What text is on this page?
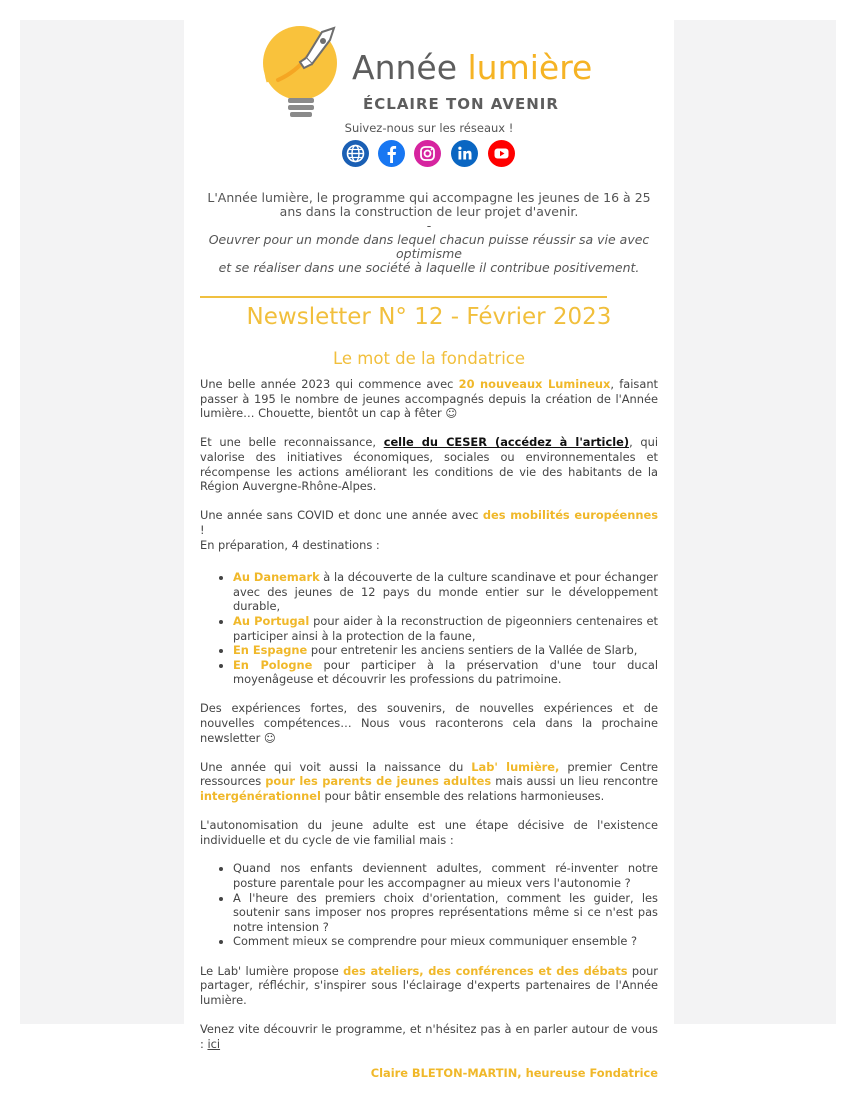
Année lumière
ÉCLAIRE TON AVENIR
Suivez-nous sur les réseaux !
L'Année lumière, le programme qui accompagne les jeunes de 16 à 25 ans dans la construction de leur projet d'avenir.
-
Oeuvrer pour un monde dans lequel chacun puisse réussir sa vie avec optimisme
et se réaliser dans une société à laquelle il contribue positivement.
Newsletter N° 12 - Février 2023
Le mot de la fondatrice

Une belle année 2023 qui commence avec 20 nouveaux Lumineux, faisant passer à 195 le nombre de jeunes accompagnés depuis la création de l'Année lumière… Chouette, bientôt un cap à fêter ☺

Et une belle reconnaissance, celle du CESER (accédez à l'article), qui valorise des initiatives économiques, sociales ou environnementales et récompense les actions améliorant les conditions de vie des habitants de la Région Auvergne-Rhône-Alpes.

Une année sans COVID et donc une année avec des mobilités européennes !
En préparation, 4 destinations :

• Au Danemark à la découverte de la culture scandinave et pour échanger avec des jeunes de 12 pays du monde entier sur le développement durable,
• Au Portugal pour aider à la reconstruction de pigeonniers centenaires et participer ainsi à la protection de la faune,
• En Espagne pour entretenir les anciens sentiers de la Vallée de Slarb,
• En Pologne pour participer à la préservation d'une tour ducal moyenâgeuse et découvrir les professions du patrimoine.

Des expériences fortes, des souvenirs, de nouvelles expériences et de nouvelles compétences… Nous vous raconterons cela dans la prochaine newsletter ☺

Une année qui voit aussi la naissance du Lab' lumière, premier Centre ressources pour les parents de jeunes adultes mais aussi un lieu rencontre intergénérationnel pour bâtir ensemble des relations harmonieuses.

L'autonomisation du jeune adulte est une étape décisive de l'existence individuelle et du cycle de vie familial mais :

• Quand nos enfants deviennent adultes, comment ré-inventer notre posture parentale pour les accompagner au mieux vers l'autonomie ?
• A l'heure des premiers choix d'orientation, comment les guider, les soutenir sans imposer nos propres représentations même si ce n'est pas notre intension ?
• Comment mieux se comprendre pour mieux communiquer ensemble ?

Le Lab' lumière propose des ateliers, des conférences et des débats pour partager, réfléchir, s'inspirer sous l'éclairage d'experts partenaires de l'Année lumière.

Venez vite découvrir le programme, et n'hésitez pas à en parler autour de vous : ici

Claire BLETON-MARTIN, heureuse Fondatrice
